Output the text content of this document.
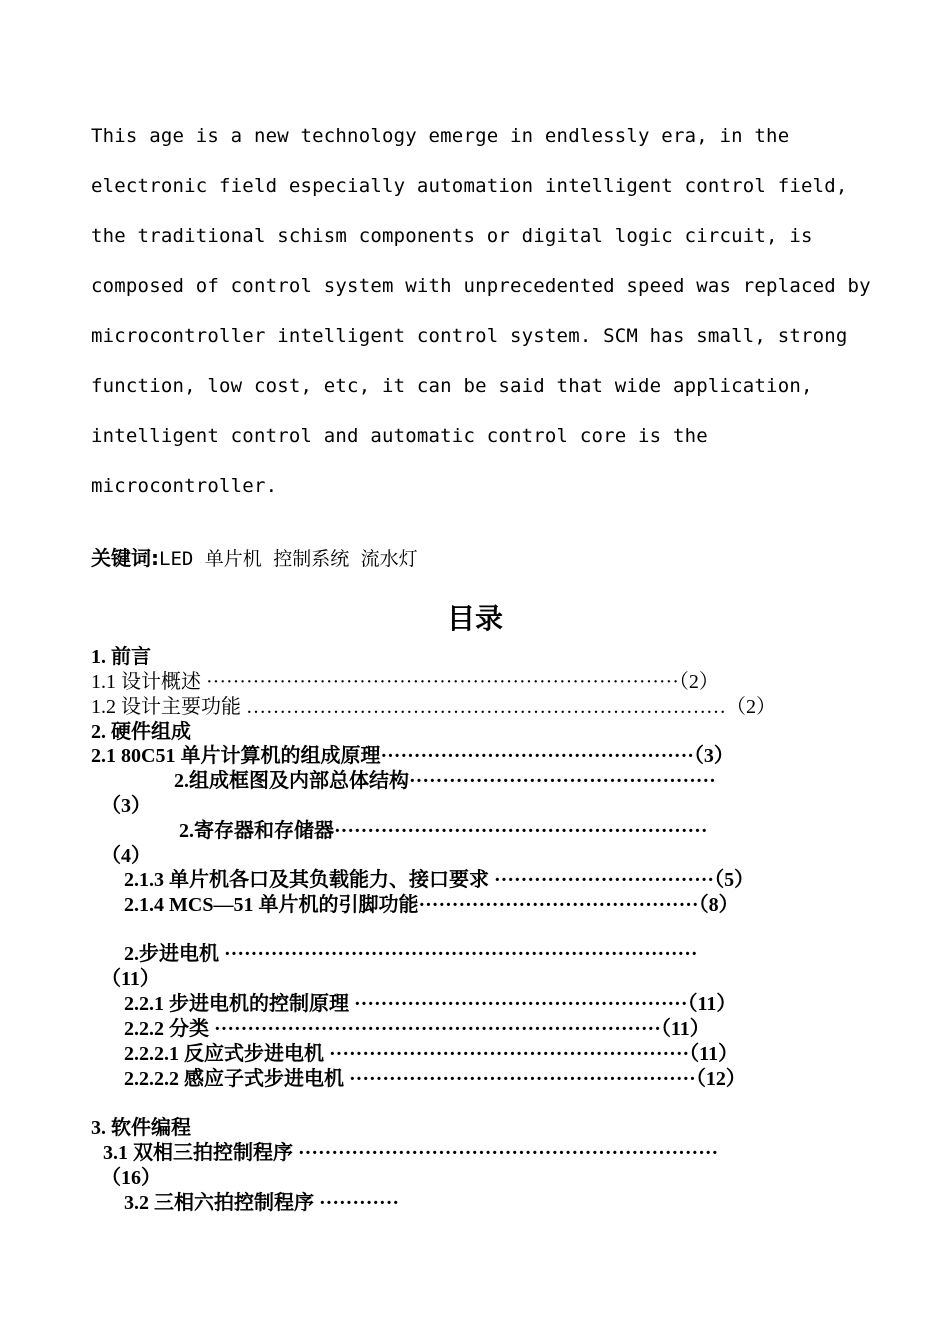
This age is a new technology emerge in endlessly era, in the
electronic field especially automation intelligent control field,
the traditional schism components or digital logic circuit, is
composed of control system with unprecedented speed was replaced by
microcontroller intelligent control system. SCM has small, strong
function, low cost, etc, it can be said that wide application,
intelligent control and automatic control core is the
microcontroller.
关键词:LED 单片机 控制系统 流水灯
目录
1. 前言
1.1 设计概述 ·······································································（2）
1.2 设计主要功能 ………………………………………………………………（2）
2. 硬件组成
2.1 80C51 单片计算机的组成原理···············································（3）
2.组成框图及内部总体结构··············································
（3）
2.寄存器和存储器························································
（4）
2.1.3 单片机各口及其负载能力、接口要求 ·································（5）
2.1.4 MCS—51 单片机的引脚功能··········································（8）
2.步进电机 ·······································································
（11）
2.2.1 步进电机的控制原理 ··················································（11）
2.2.2 分类 ···································································（11）
2.2.2.1 反应式步进电机 ······················································（11）
2.2.2.2 感应子式步进电机 ····················································（12）
3. 软件编程
3.1 双相三拍控制程序 ·······························································
（16）
3.2 三相六拍控制程序 ············
